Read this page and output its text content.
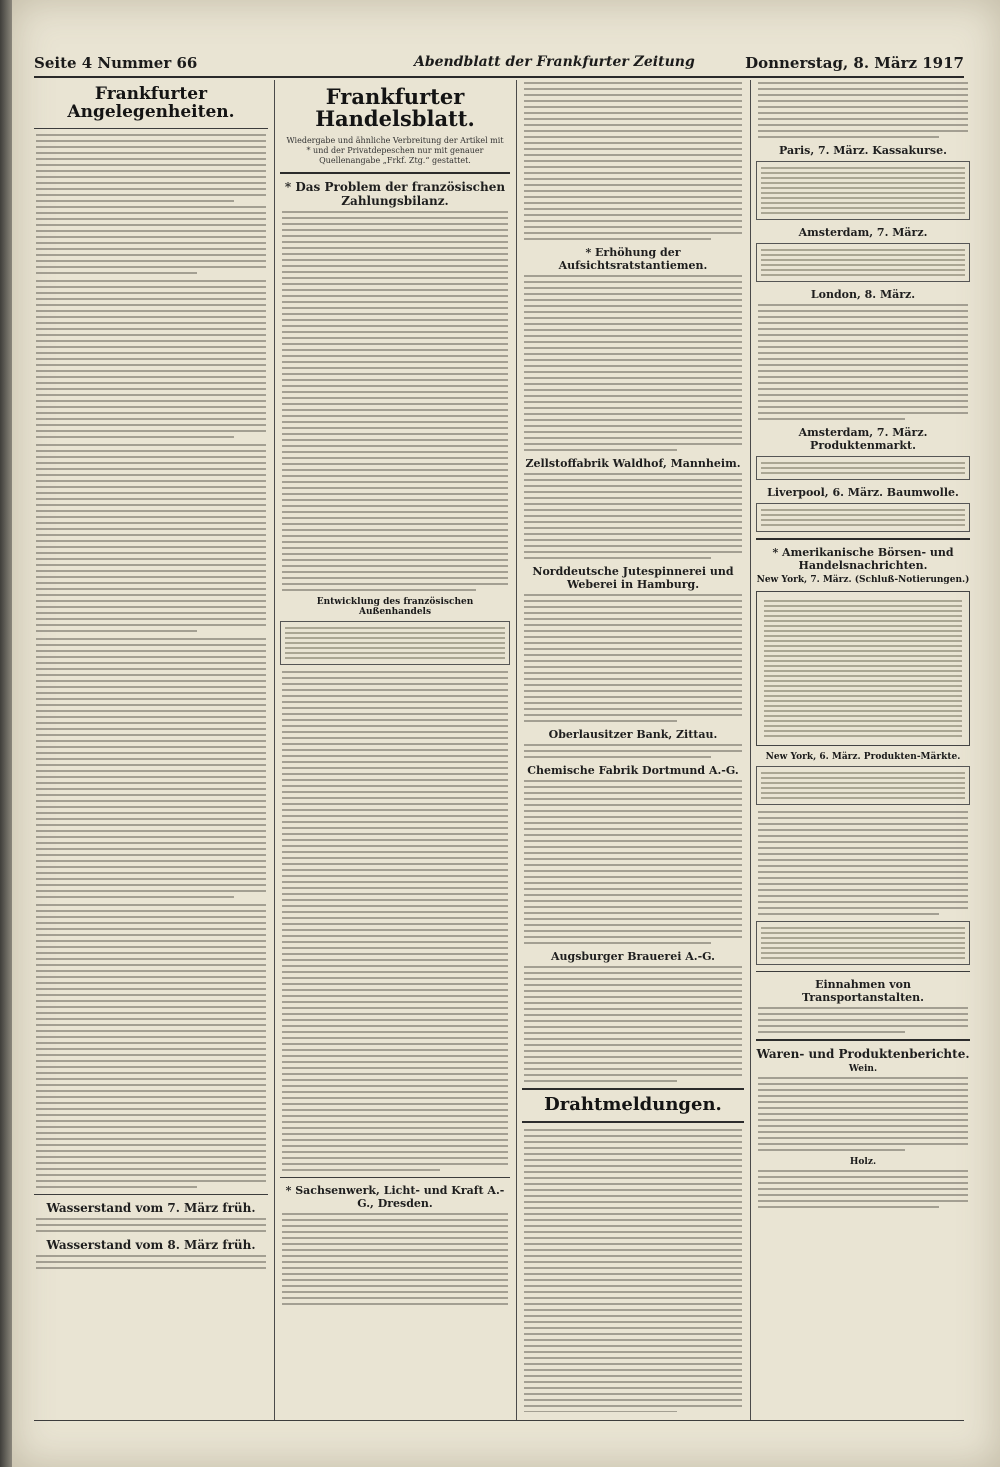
Seite 4 Nummer 66	Abendblatt der Frankfurter Zeitung	Donnerstag, 8. März 1917
Frankfurter Angelegenheiten.
Wasserstand vom 7. März früh.
Wasserstand vom 8. März früh.
Frankfurter Handelsblatt.
Wiedergabe und ähnliche Verbreitung der Artikel mit * und der Privatdepeschen nur mit genauer Quellenangabe „Frkf. Ztg.“ gestattet.
* Das Problem der französischen Zahlungsbilanz.
Entwicklung des französischen Außenhandels
* Sachsenwerk, Licht- und Kraft A.-G., Dresden.
* Erhöhung der Aufsichtsratstantiemen.
Zellstoffabrik Waldhof, Mannheim.
Norddeutsche Jutespinnerei und Weberei in Hamburg.
Oberlausitzer Bank, Zittau.
Chemische Fabrik Dortmund A.-G.
Augsburger Brauerei A.-G.
Drahtmeldungen.
Paris, 7. März. Kassakurse.
Amsterdam, 7. März.
London, 8. März.
Amsterdam, 7. März. Produktenmarkt.
Liverpool, 6. März. Baumwolle.
* Amerikanische Börsen- und Handelsnachrichten.
New York, 7. März. (Schluß-Notierungen.)
New York, 6. März. Produkten-Märkte.
Einnahmen von Transportanstalten.
Waren- und Produktenberichte.
Wein.
Holz.
